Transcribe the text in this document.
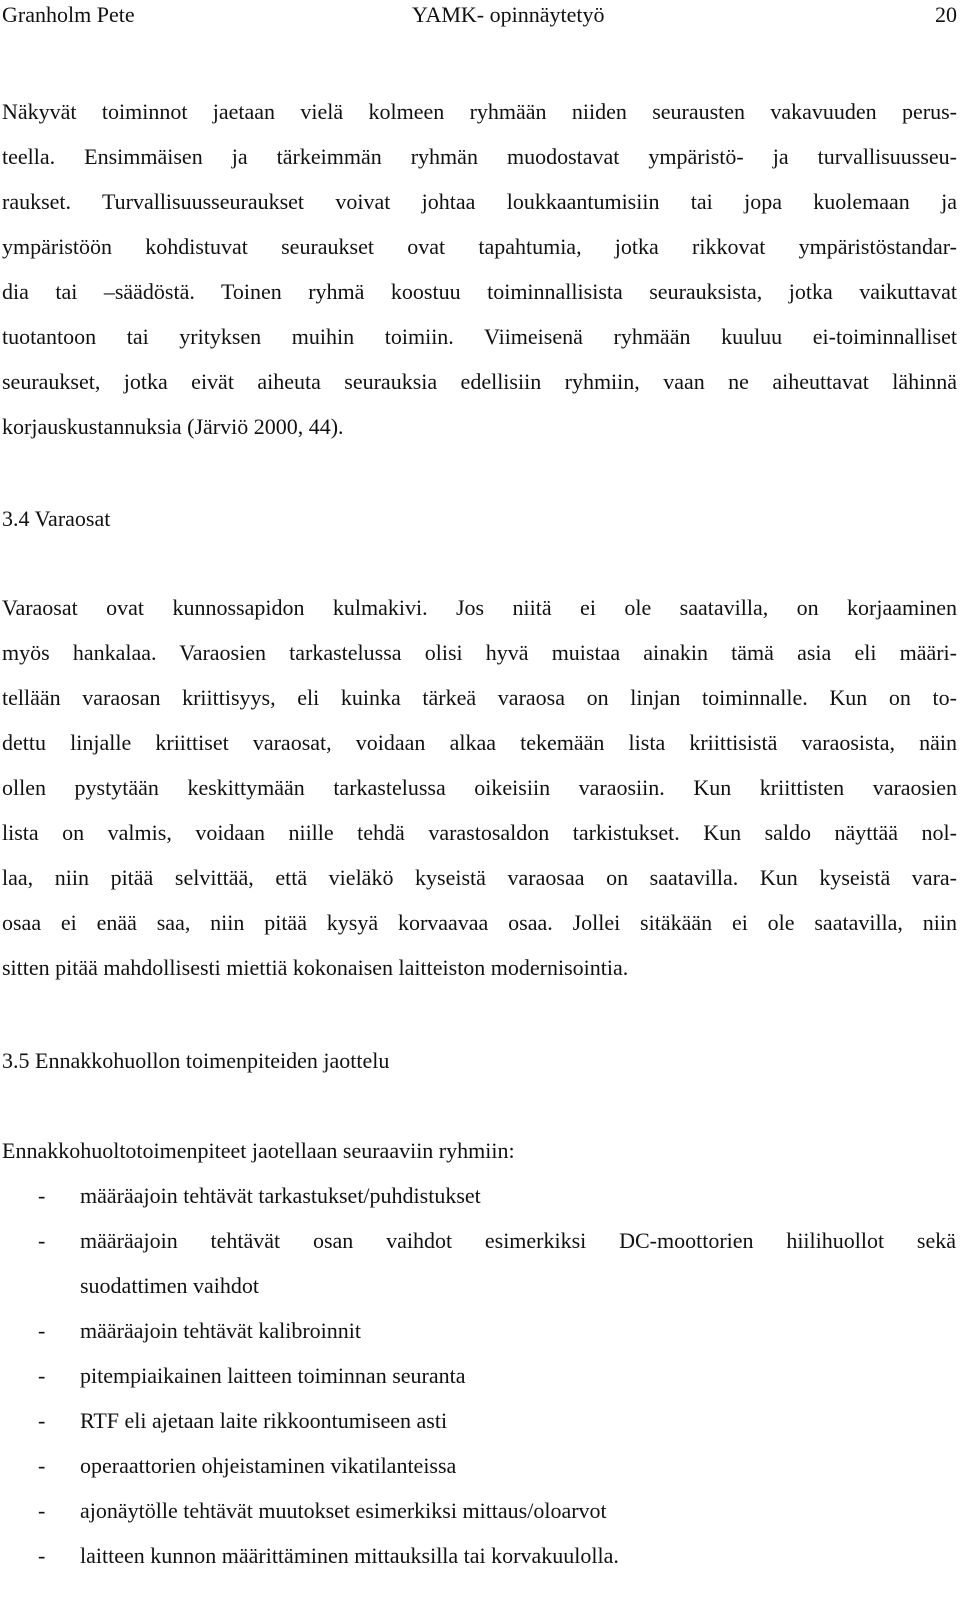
Granholm Pete	YAMK- opinnäytetyö	20
Näkyvät toiminnot jaetaan vielä kolmeen ryhmään niiden seurausten vakavuuden perus-
teella. Ensimmäisen ja tärkeimmän ryhmän muodostavat ympäristö- ja turvallisuusseu-
raukset. Turvallisuusseuraukset voivat johtaa loukkaantumisiin tai jopa kuolemaan ja
ympäristöön kohdistuvat seuraukset ovat tapahtumia, jotka rikkovat ympäristöstandar-
dia tai –säädöstä. Toinen ryhmä koostuu toiminnallisista seurauksista, jotka vaikuttavat
tuotantoon tai yrityksen muihin toimiin. Viimeisenä ryhmään kuuluu ei-toiminnalliset
seuraukset, jotka eivät aiheuta seurauksia edellisiin ryhmiin, vaan ne aiheuttavat lähinnä
korjauskustannuksia (Järviö 2000, 44).
3.4 Varaosat
Varaosat ovat kunnossapidon kulmakivi. Jos niitä ei ole saatavilla, on korjaaminen
myös hankalaa. Varaosien tarkastelussa olisi hyvä muistaa ainakin tämä asia eli määri-
tellään varaosan kriittisyys, eli kuinka tärkeä varaosa on linjan toiminnalle. Kun on to-
dettu linjalle kriittiset varaosat, voidaan alkaa tekemään lista kriittisistä varaosista, näin
ollen pystytään keskittymään tarkastelussa oikeisiin varaosiin. Kun kriittisten varaosien
lista on valmis, voidaan niille tehdä varastosaldon tarkistukset. Kun saldo näyttää nol-
laa, niin pitää selvittää, että vieläkö kyseistä varaosaa on saatavilla. Kun kyseistä vara-
osaa ei enää saa, niin pitää kysyä korvaavaa osaa. Jollei sitäkään ei ole saatavilla, niin
sitten pitää mahdollisesti miettiä kokonaisen laitteiston modernisointia.
3.5 Ennakkohuollon toimenpiteiden jaottelu
Ennakkohuoltotoimenpiteet jaotellaan seuraaviin ryhmiin:
- määräajoin tehtävät tarkastukset/puhdistukset
- määräajoin tehtävät osan vaihdot esimerkiksi DC-moottorien hiilihuollot sekä
suodattimen vaihdot
- määräajoin tehtävät kalibroinnit
- pitempiaikainen laitteen toiminnan seuranta
- RTF eli ajetaan laite rikkoontumiseen asti
- operaattorien ohjeistaminen vikatilanteissa
- ajonäytölle tehtävät muutokset esimerkiksi mittaus/oloarvot
- laitteen kunnon määrittäminen mittauksilla tai korvakuulolla.
